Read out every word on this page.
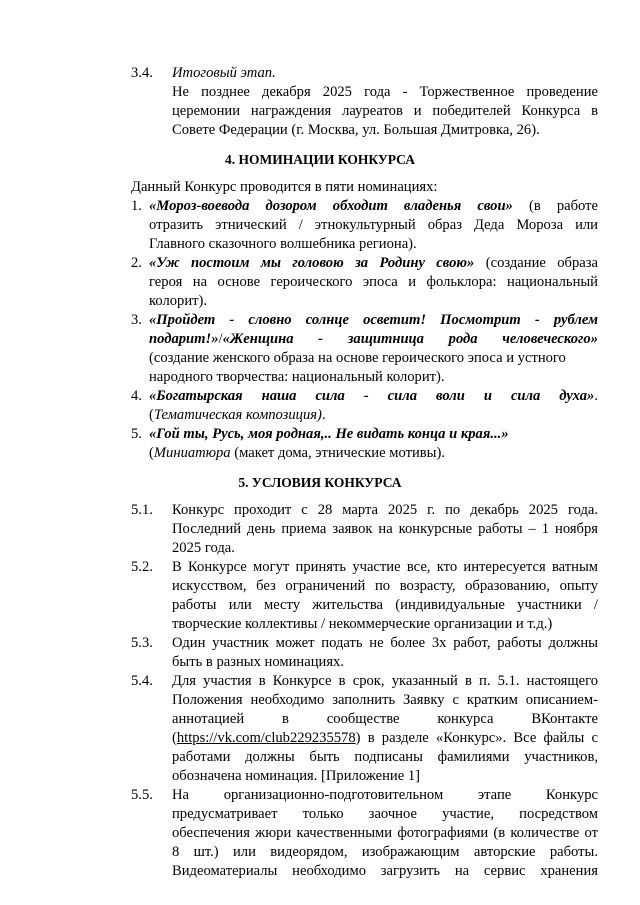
3.4. Итоговый этап.
Не позднее декабря 2025 года - Торжественное проведение
церемонии награждения лауреатов и победителей Конкурса в
Совете Федерации (г. Москва, ул. Большая Дмитровка, 26).
4. НОМИНАЦИИ КОНКУРСА
Данный Конкурс проводится в пяти номинациях:
1. «Мороз-воевода дозором обходит владенья свои» (в работе
отразить этнический / этнокультурный образ Деда Мороза или
Главного сказочного волшебника региона).
2. «Уж постоим мы головою за Родину свою» (создание образа
героя на основе героического эпоса и фольклора: национальный
колорит).
3. «Пройдет - словно солнце осветит! Посмотрит - рублем
подарит!»/«Женщина - защитница рода человеческого»
(создание женского образа на основе героического эпоса и устного
народного творчества: национальный колорит).
4. «Богатырская наша сила - сила воли и сила духа».
(Тематическая композиция).
5. «Гой ты, Русь, моя родная,.. Не видать конца и края...»
(Миниатюра (макет дома, этнические мотивы).
5. УСЛОВИЯ КОНКУРСА
5.1. Конкурс проходит с 28 марта 2025 г. по декабрь 2025 года.
Последний день приема заявок на конкурсные работы – 1 ноября
2025 года.
5.2. В Конкурсе могут принять участие все, кто интересуется ватным
искусством, без ограничений по возрасту, образованию, опыту
работы или месту жительства (индивидуальные участники /
творческие коллективы / некоммерческие организации и т.д.)
5.3. Один участник может подать не более 3х работ, работы должны
быть в разных номинациях.
5.4. Для участия в Конкурсе в срок, указанный в п. 5.1. настоящего
Положения необходимо заполнить Заявку с кратким описанием-
аннотацией в сообществе конкурса ВКонтакте
(https://vk.com/club229235578) в разделе «Конкурс». Все файлы с
работами должны быть подписаны фамилиями участников,
обозначена номинация. [Приложение 1]
5.5. На организационно-подготовительном этапе Конкурс
предусматривает только заочное участие, посредством
обеспечения жюри качественными фотографиями (в количестве от
8 шт.) или видеорядом, изображающим авторские работы.
Видеоматериалы необходимо загрузить на сервис хранения
